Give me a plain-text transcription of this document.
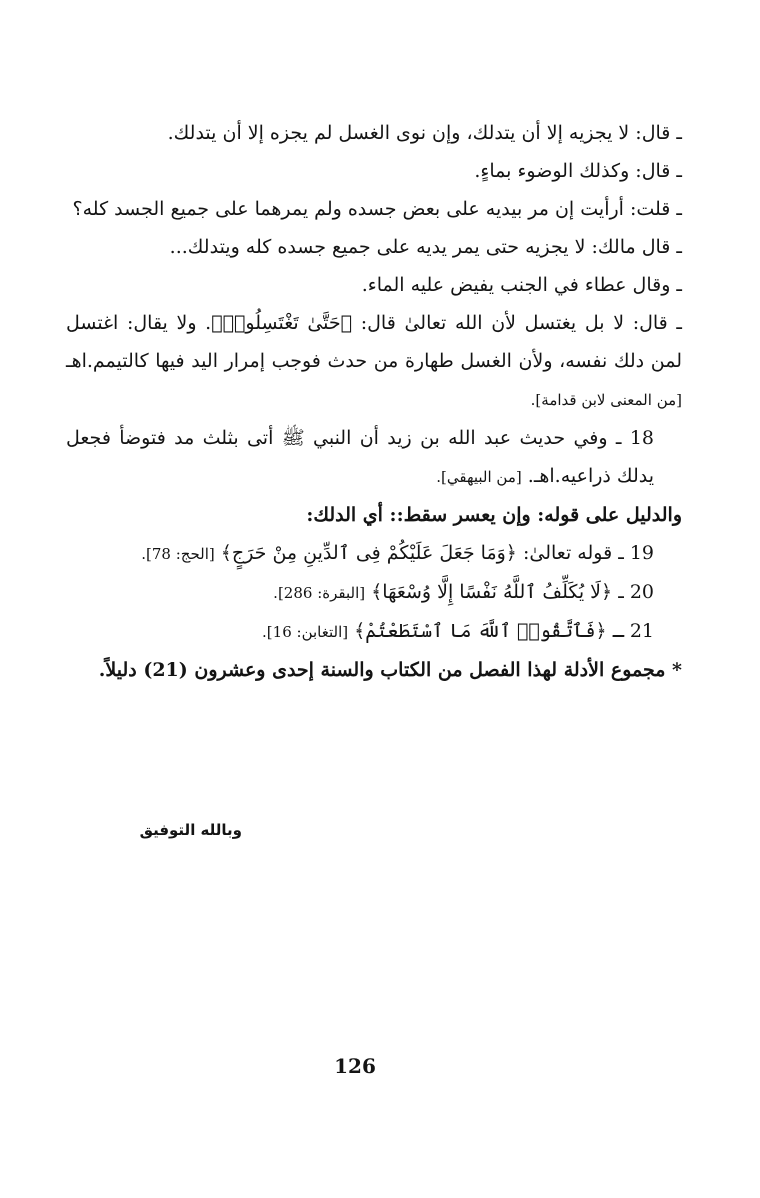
ـ قال: لا يجزيه إلا أن يتدلك، وإن نوى الغسل لم يجزه إلا أن يتدلك.

ـ قال: وكذلك الوضوء بماءٍ.

ـ قلت: أرأيت إن مر بيديه على بعض جسده ولم يمرهما على جميع الجسد كله؟

ـ قال مالك: لا يجزيه حتى يمر يديه على جميع جسده كله ويتدلك...

ـ وقال عطاء في الجنب يفيض عليه الماء.

ـ قال: لا بل يغتسل لأن الله تعالىٰ قال: ﴿حَتَّىٰ تَغْتَسِلُوا۟﴾. ولا يقال: اغتسل لمن دلك نفسه، ولأن الغسل طهارة من حدث فوجب إمرار اليد فيها كالتيمم.اهـ [من المعنى لابن قدامة].

18 ـ وفي حديث عبد الله بن زيد أن النبي ﷺ أتى بثلث مد فتوضأ فجعل يدلك ذراعيه.اهـ. [من البيهقي].

والدليل على قوله: وإن يعسر سقط:: أي الدلك:

19 ـ قوله تعالىٰ: ﴿وَمَا جَعَلَ عَلَيْكُمْ فِى ٱلدِّينِ مِنْ حَرَجٍ﴾ [الحج: 78].

20 ـ ﴿لَا يُكَلِّفُ ٱللَّهُ نَفْسًا إِلَّا وُسْعَهَا﴾ [البقرة: 286].

21 ـ ﴿فَٱتَّقُوا۟ ٱللَّهَ مَا ٱسْتَطَعْتُمْ﴾ [التغابن: 16].

* مجموع الأدلة لهذا الفصل من الكتاب والسنة إحدى وعشرون (21) دليلاً.

وبالله التوفيق
126
